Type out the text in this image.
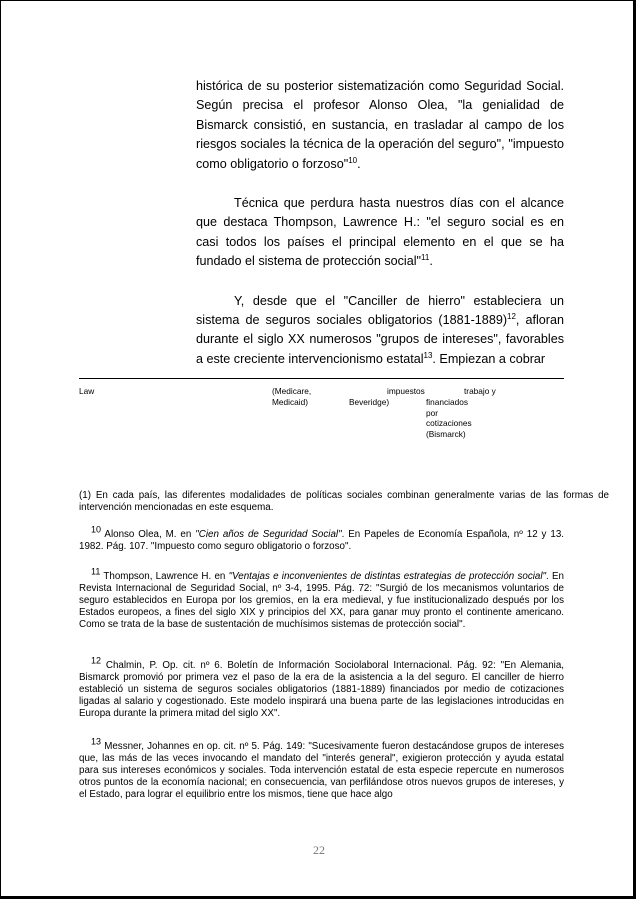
histórica de su posterior sistematización como Seguridad Social. Según precisa el profesor Alonso Olea, "la genialidad de Bismarck consistió, en sustancia, en trasladar al campo de los riesgos sociales la técnica de la operación del seguro", "impuesto como obligatorio o forzoso"$^{10}$.

Técnica que perdura hasta nuestros días con el alcance que destaca Thompson, Lawrence H.: "el seguro social es en casi todos los países el principal elemento en el que se ha fundado el sistema de protección social"$^{11}$.

Y, desde que el "Canciller de hierro" estableciera un sistema de seguros sociales obligatorios (1881-1889)$^{12}$, afloran durante el siglo XX numerosos "grupos de intereses", favorables a este creciente intervencionismo estatal$^{13}$. Empiezan a cobrar

Law	(Medicare,
Medicaid)
impuestos
Beveridge)
trabajo y
financiados
por
cotizaciones
(Bismarck)
(1) En cada país, las diferentes modalidades de políticas sociales combinan generalmente varias de las formas de intervención mencionadas en este esquema.
10 Alonso Olea, M. en "Cien años de Seguridad Social". En Papeles de Economía Española, nº 12 y 13. 1982. Pág. 107. "Impuesto como seguro obligatorio o forzoso".
11 Thompson, Lawrence H. en "Ventajas e inconvenientes de distintas estrategias de protección social". En Revista Internacional de Seguridad Social, nº 3-4, 1995. Pág. 72: "Surgió de los mecanismos voluntarios de seguro establecidos en Europa por los gremios, en la era medieval, y fue institucionalizado después por los Estados europeos, a fines del siglo XIX y principios del XX, para ganar muy pronto el continente americano. Como se trata de la base de sustentación de muchísimos sistemas de protección social".
12 Chalmin, P. Op. cit. nº 6. Boletín de Información Sociolaboral Internacional. Pág. 92: "En Alemania, Bismarck promovió por primera vez el paso de la era de la asistencia a la del seguro. El canciller de hierro estableció un sistema de seguros sociales obligatorios (1881-1889) financiados por medio de cotizaciones ligadas al salario y cogestionado. Este modelo inspirará una buena parte de las legislaciones introducidas en Europa durante la primera mitad del siglo XX".
13 Messner, Johannes en op. cit. nº 5. Pág. 149: "Sucesivamente fueron destacándose grupos de intereses que, las más de las veces invocando el mandato del "interés general", exigieron protección y ayuda estatal para sus intereses económicos y sociales. Toda intervención estatal de esta especie repercute en numerosos otros puntos de la economía nacional; en consecuencia, van perfilándose otros nuevos grupos de intereses, y el Estado, para lograr el equilibrio entre los mismos, tiene que hace algo
22
